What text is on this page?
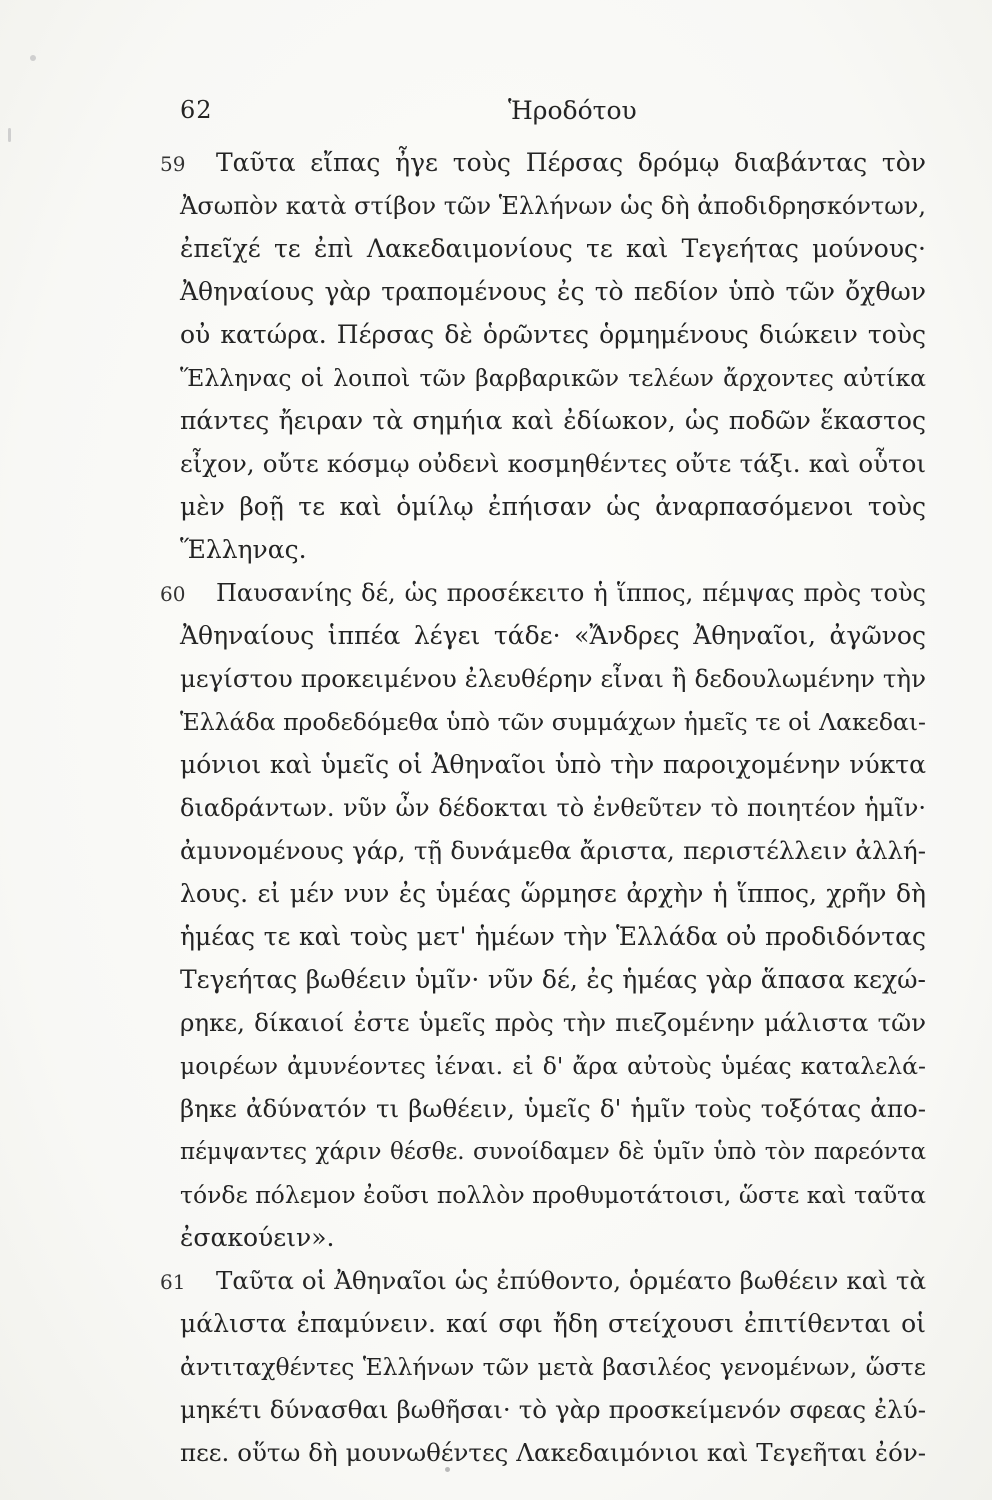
62	Ἡροδότου
59 Ταῦτα εἴπας ἦγε τοὺς Πέρσας δρόμῳ διαβάντας τὸν
Ἀσωπὸν κατὰ στίβον τῶν Ἑλλήνων ὡς δὴ ἀποδιδρησκόντων,
ἐπεῖχέ τε ἐπὶ Λακεδαιμονίους τε καὶ Τεγεήτας μούνους·
Ἀθηναίους γὰρ τραπομένους ἐς τὸ πεδίον ὑπὸ τῶν ὄχθων
οὐ κατώρα. Πέρσας δὲ ὁρῶντες ὁρμημένους διώκειν τοὺς
Ἕλληνας οἱ λοιποὶ τῶν βαρβαρικῶν τελέων ἄρχοντες αὐτίκα
πάντες ἤειραν τὰ σημήια καὶ ἐδίωκον, ὡς ποδῶν ἕκαστος
εἶχον, οὔτε κόσμῳ οὐδενὶ κοσμηθέντες οὔτε τάξι. καὶ οὗτοι
μὲν βοῇ τε καὶ ὁμίλῳ ἐπήισαν ὡς ἀναρπασόμενοι τοὺς
Ἕλληνας.
60 Παυσανίης δέ, ὡς προσέκειτο ἡ ἵππος, πέμψας πρὸς τοὺς
Ἀθηναίους ἱππέα λέγει τάδε· «Ἄνδρες Ἀθηναῖοι, ἀγῶνος
μεγίστου προκειμένου ἐλευθέρην εἶναι ἢ δεδουλωμένην τὴν
Ἑλλάδα προδεδόμεθα ὑπὸ τῶν συμμάχων ἡμεῖς τε οἱ Λακεδαι-
μόνιοι καὶ ὑμεῖς οἱ Ἀθηναῖοι ὑπὸ τὴν παροιχομένην νύκτα
διαδράντων. νῦν ὦν δέδοκται τὸ ἐνθεῦτεν τὸ ποιητέον ἡμῖν·
ἀμυνομένους γάρ, τῇ δυνάμεθα ἄριστα, περιστέλλειν ἀλλή-
λους. εἰ μέν νυν ἐς ὑμέας ὥρμησε ἀρχὴν ἡ ἵππος, χρῆν δὴ
ἡμέας τε καὶ τοὺς μετ' ἡμέων τὴν Ἑλλάδα οὐ προδιδόντας
Τεγεήτας βωθέειν ὑμῖν· νῦν δέ, ἐς ἡμέας γὰρ ἅπασα κεχώ-
ρηκε, δίκαιοί ἐστε ὑμεῖς πρὸς τὴν πιεζομένην μάλιστα τῶν
μοιρέων ἀμυνέοντες ἰέναι. εἰ δ' ἄρα αὐτοὺς ὑμέας καταλελά-
βηκε ἀδύνατόν τι βωθέειν, ὑμεῖς δ' ἡμῖν τοὺς τοξότας ἀπο-
πέμψαντες χάριν θέσθε. συνοίδαμεν δὲ ὑμῖν ὑπὸ τὸν παρεόντα
τόνδε πόλεμον ἐοῦσι πολλὸν προθυμοτάτοισι, ὥστε καὶ ταῦτα
ἐσακούειν».
61 Ταῦτα οἱ Ἀθηναῖοι ὡς ἐπύθοντο, ὁρμέατο βωθέειν καὶ τὰ
μάλιστα ἐπαμύνειν. καί σφι ἤδη στείχουσι ἐπιτίθενται οἱ
ἀντιταχθέντες Ἑλλήνων τῶν μετὰ βασιλέος γενομένων, ὥστε
μηκέτι δύνασθαι βωθῆσαι· τὸ γὰρ προσκείμενόν σφεας ἐλύ-
πεε. οὕτω δὴ μουνωθέντες Λακεδαιμόνιοι καὶ Τεγεῆται ἐόν-
